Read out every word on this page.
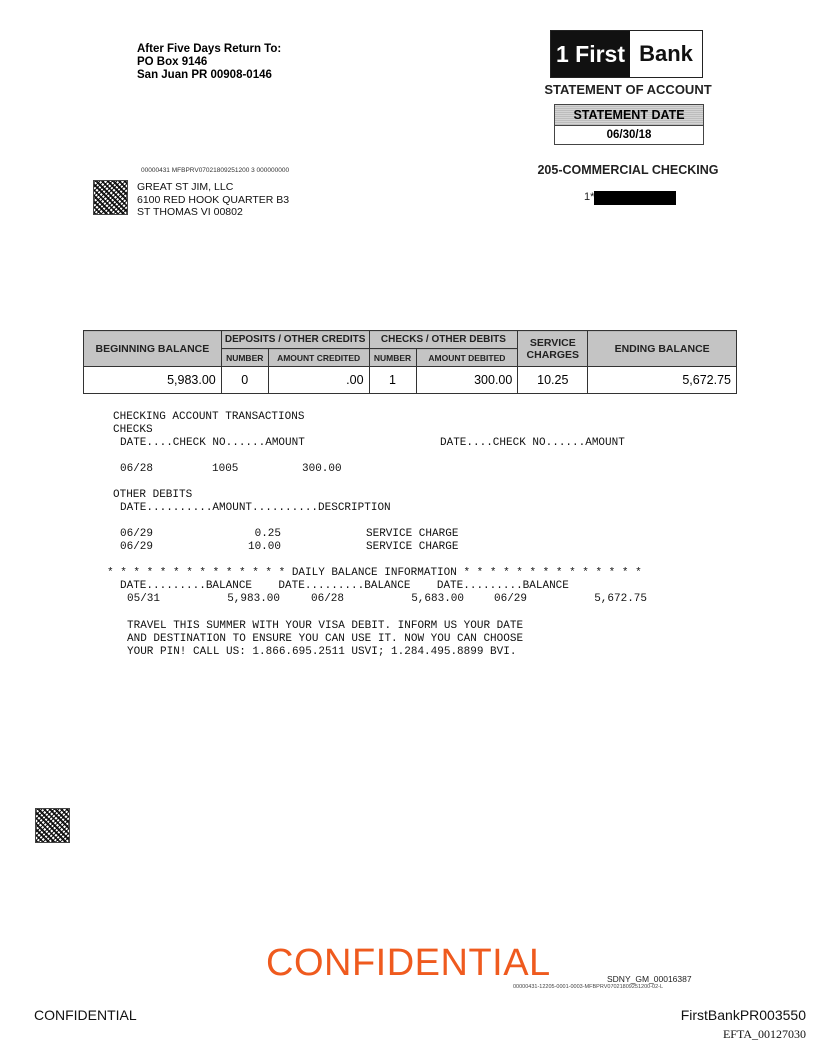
After Five Days Return To:
PO Box 9146
San Juan PR 00908-0146
1 First Bank
STATEMENT OF ACCOUNT
STATEMENT DATE
06/30/18
205-COMMERCIAL CHECKING
1*
00000431 MFBPRV07021809251200 3 000000000
GREAT ST JIM, LLC
6100 RED HOOK QUARTER B3
ST THOMAS VI 00802
BEGINNING BALANCE	DEPOSITS / OTHER CREDITS		CHECKS / OTHER DEBITS		SERVICE
CHARGES	ENDING BALANCE
	NUMBER	AMOUNT CREDITED	NUMBER	AMOUNT DEBITED		
5,983.00	0	.00	1	300.00	10.25	5,672.75
CHECKING ACCOUNT TRANSACTIONS
CHECKS
DATE....CHECK NO......AMOUNT	DATE....CHECK NO......AMOUNT
06/28	1005	300.00
OTHER DEBITS
DATE..........AMOUNT..........DESCRIPTION
06/29	0.25	SERVICE CHARGE
06/29	10.00	SERVICE CHARGE
* * * * * * * * * * * * * * DAILY BALANCE INFORMATION * * * * * * * * * * * * * *
DATE.........BALANCE    DATE.........BALANCE    DATE.........BALANCE
05/31	5,983.00	06/28	5,683.00	06/29	5,672.75
TRAVEL THIS SUMMER WITH YOUR VISA DEBIT. INFORM US YOUR DATE
AND DESTINATION TO ENSURE YOU CAN USE IT. NOW YOU CAN CHOOSE
YOUR PIN! CALL US: 1.866.695.2511 USVI; 1.284.495.8899 BVI.
CONFIDENTIAL	SDNY_GM_00016387
00000431-12205-0001-0003-MFBPRV07021809251200-02-L
CONFIDENTIAL	FirstBankPR003550
EFTA_00127030
